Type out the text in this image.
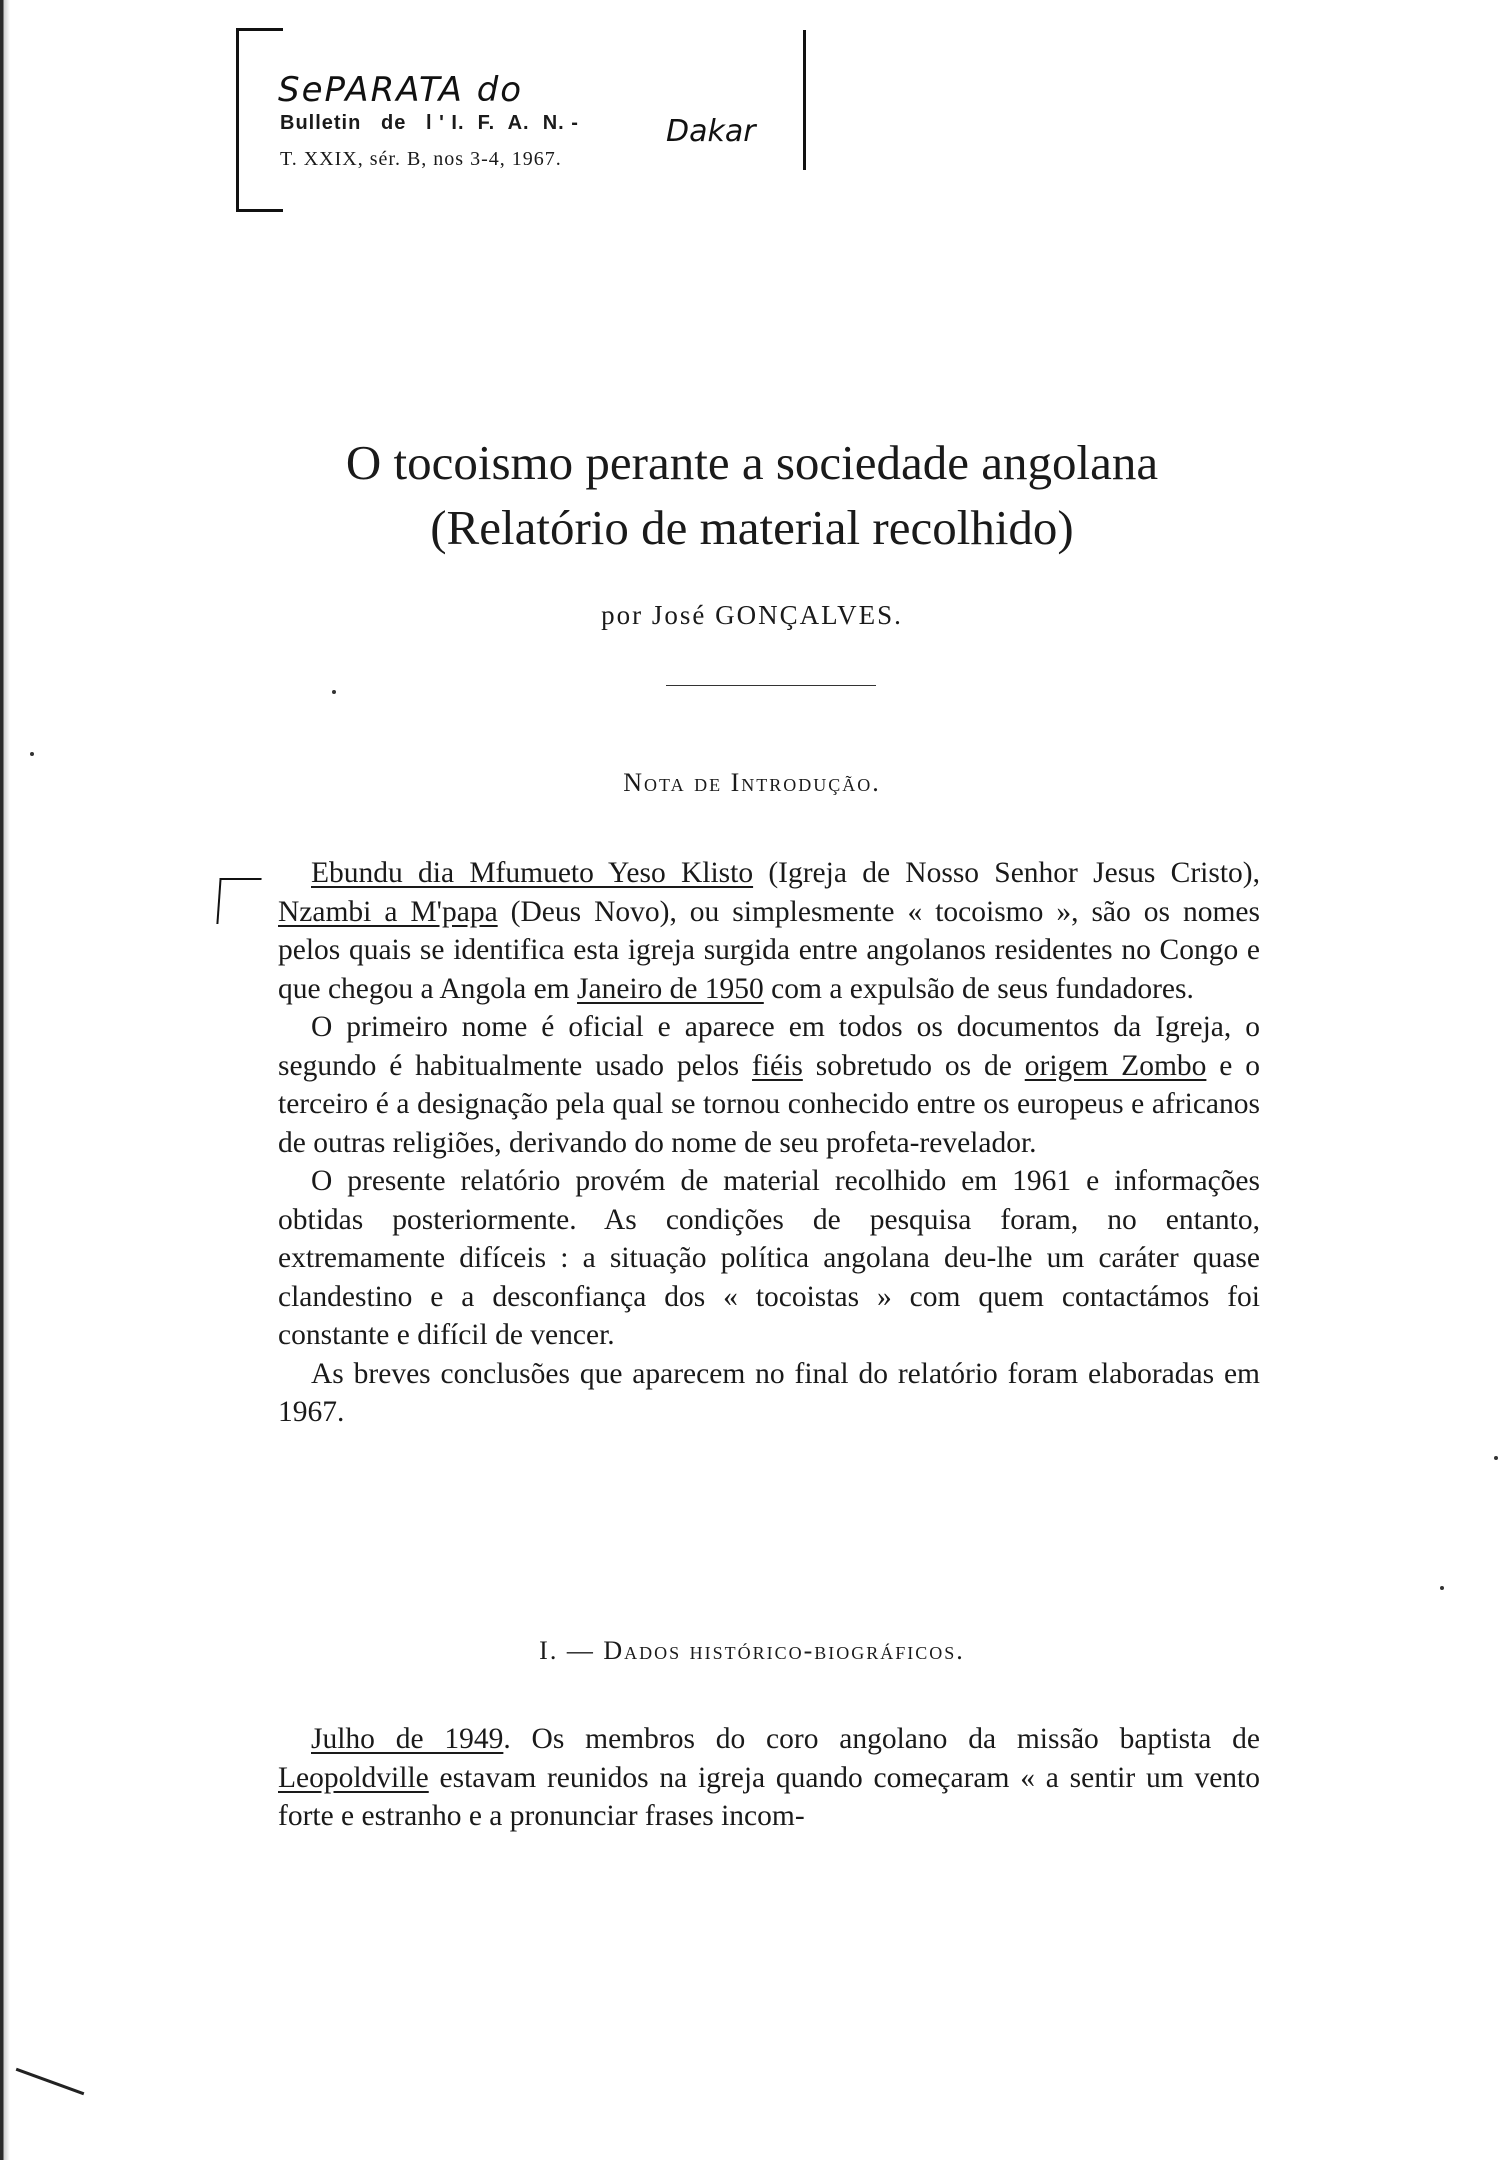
SePARATA do
Bulletin   de   l ' I.  F.  A.  N. -	Dakar
T. XXIX, sér. B, nos 3-4, 1967.
O tocoismo perante a sociedade angolana
(Relatório de material recolhido)
por José GONÇALVES.
Nota de Introdução.

Ebundu dia Mfumueto Yeso Klisto (Igreja de Nosso Senhor Jesus Cristo), Nzambi a M'papa (Deus Novo), ou simplesmente « tocoismo », são os nomes pelos quais se identifica esta igreja surgida entre angolanos residentes no Congo e que chegou a Angola em Janeiro de 1950 com a expulsão de seus fundadores.

O primeiro nome é oficial e aparece em todos os documentos da Igreja, o segundo é habitualmente usado pelos fiéis sobretudo os de origem Zombo e o terceiro é a designação pela qual se tornou conhecido entre os europeus e africanos de outras religiões, derivando do nome de seu profeta-revelador.

O presente relatório provém de material recolhido em 1961 e informações obtidas posteriormente. As condições de pesquisa foram, no entanto, extremamente difíceis : a situação política angolana deu-lhe um caráter quase clandestino e a desconfiança dos « tocoistas » com quem contactámos foi constante e difícil de vencer.

As breves conclusões que aparecem no final do relatório foram elaboradas em 1967.

I. — Dados histórico-biográficos.

Julho de 1949. Os membros do coro angolano da missão baptista de Leopoldville estavam reunidos na igreja quando começaram « a sentir um vento forte e estranho e a pronunciar frases incom-
